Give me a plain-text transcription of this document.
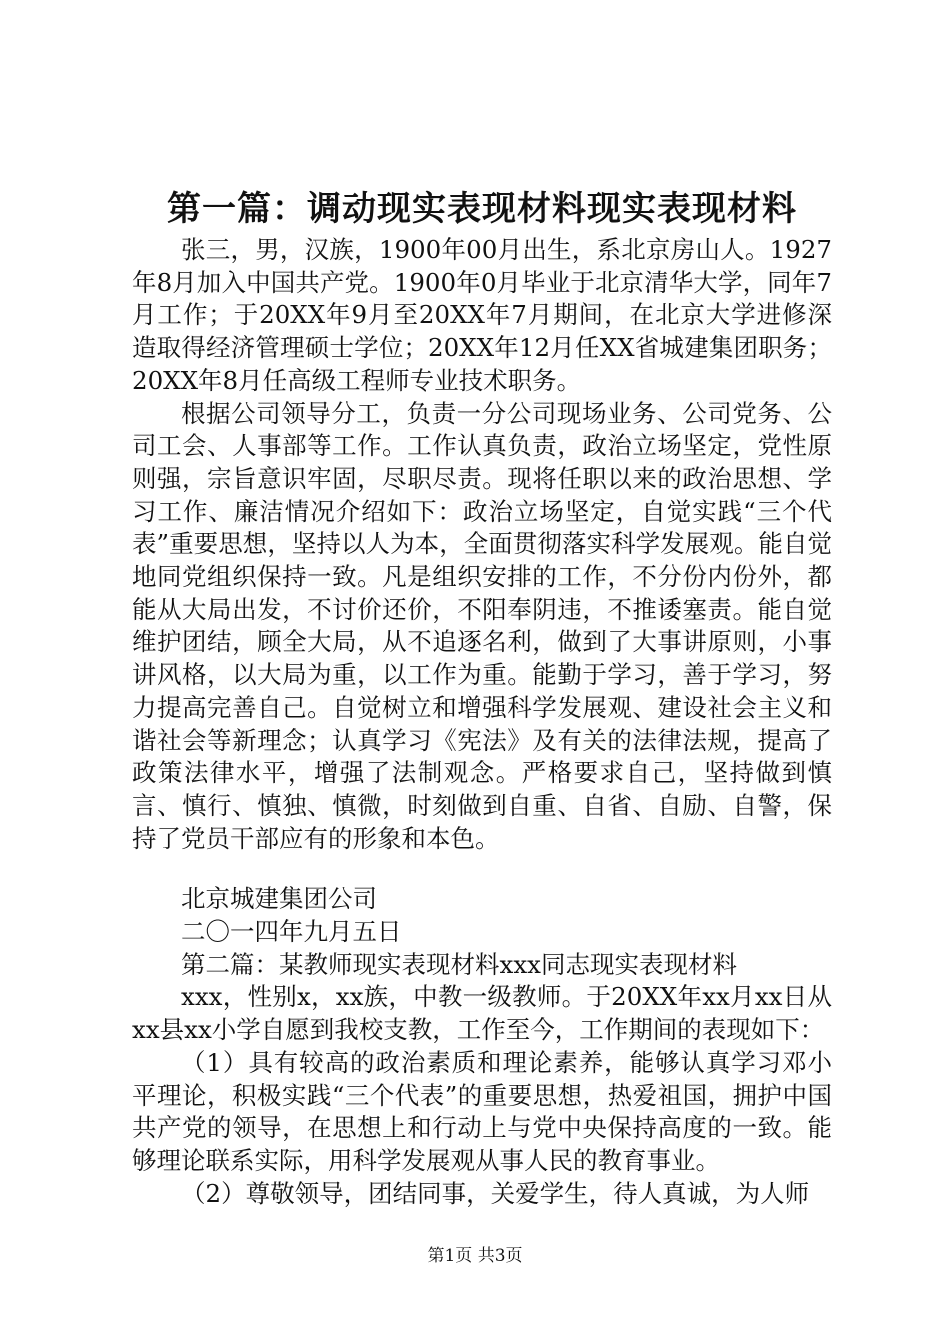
第一篇：调动现实表现材料现实表现材料

张三，男，汉族，1900年00月出生，系北京房山人。1927年8月加入中国共产党。1900年0月毕业于北京清华大学，同年7月工作；于20XX年9月至20XX年7月期间，在北京大学进修深造取得经济管理硕士学位；20XX年12月任XX省城建集团职务；20XX年8月任高级工程师专业技术职务。

根据公司领导分工，负责一分公司现场业务、公司党务、公司工会、人事部等工作。工作认真负责，政治立场坚定，党性原则强，宗旨意识牢固，尽职尽责。现将任职以来的政治思想、学习工作、廉洁情况介绍如下：政治立场坚定，自觉实践“三个代表”重要思想，坚持以人为本，全面贯彻落实科学发展观。能自觉地同党组织保持一致。凡是组织安排的工作，不分份内份外，都能从大局出发，不讨价还价，不阳奉阴违，不推诿塞责。能自觉维护团结，顾全大局，从不追逐名利，做到了大事讲原则，小事讲风格，以大局为重，以工作为重。能勤于学习，善于学习，努力提高完善自己。自觉树立和增强科学发展观、建设社会主义和谐社会等新理念；认真学习《宪法》及有关的法律法规，提高了政策法律水平，增强了法制观念。严格要求自己，坚持做到慎言、慎行、慎独、慎微，时刻做到自重、自省、自励、自警，保持了党员干部应有的形象和本色。

北京城建集团公司

二〇一四年九月五日

第二篇：某教师现实表现材料xxx同志现实表现材料

xxx，性别x，xx族，中教一级教师。于20XX年xx月xx日从xx县xx小学自愿到我校支教，工作至今，工作期间的表现如下：

（1）具有较高的政治素质和理论素养，能够认真学习邓小平理论，积极实践“三个代表”的重要思想，热爱祖国，拥护中国共产党的领导，在思想上和行动上与党中央保持高度的一致。能够理论联系实际，用科学发展观从事人民的教育事业。

（2）尊敬领导，团结同事，关爱学生，待人真诚，为人师

第1页 共3页
